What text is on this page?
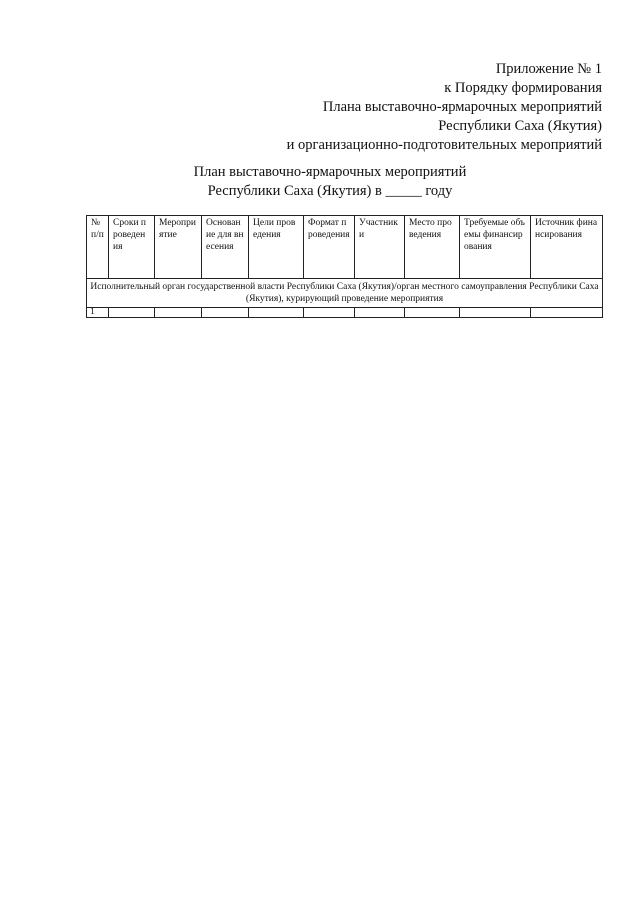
Приложение № 1
к Порядку формирования
Плана выставочно-ярмарочных мероприятий
Республики Саха (Якутия)
и организационно-подготовительных мероприятий
План выставочно-ярмарочных мероприятий
Республики Саха (Якутия) в _____ году
№ п/п	Сроки проведения	Мероприятие	Основание для внесения	Цели проведения	Формат проведения	Участники	Место проведения	Требуемые объемы финансирования	Источник финансирования
Исполнительный орган государственной власти Республики Саха (Якутия)/орган местного самоуправления Республики Саха (Якутия), курирующий проведение мероприятия									
1									
